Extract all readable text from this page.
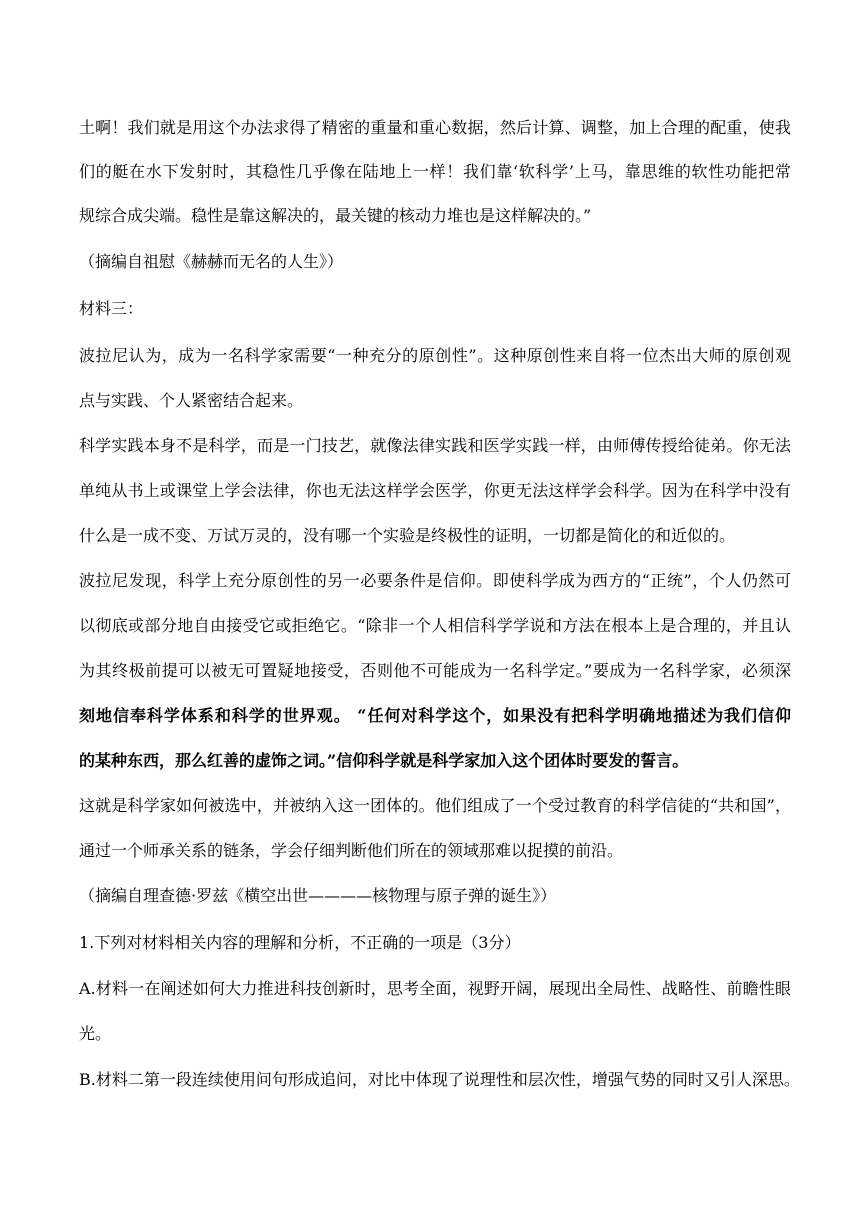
土啊！我们就是用这个办法求得了精密的重量和重心数据，然后计算、调整，加上合理的配重，使我
们的艇在水下发射时，其稳性几乎像在陆地上一样！我们靠‘软科学’上马，靠思维的软性功能把常
规综合成尖端。稳性是靠这解决的，最关键的核动力堆也是这样解决的。”
（摘编自祖慰《赫赫而无名的人生》）
材料三：
波拉尼认为，成为一名科学家需要“一种充分的原创性”。这种原创性来自将一位杰出大师的原创观
点与实践、个人紧密结合起来。
科学实践本身不是科学，而是一门技艺，就像法律实践和医学实践一样，由师傅传授给徒弟。你无法
单纯从书上或课堂上学会法律，你也无法这样学会医学，你更无法这样学会科学。因为在科学中没有
什么是一成不变、万试万灵的，没有哪一个实验是终极性的证明，一切都是简化的和近似的。
波拉尼发现，科学上充分原创性的另一必要条件是信仰。即使科学成为西方的“正统”，个人仍然可
以彻底或部分地自由接受它或拒绝它。“除非一个人相信科学学说和方法在根本上是合理的，并且认
为其终极前提可以被无可置疑地接受，否则他不可能成为一名科学定。”要成为一名科学家，必须深
刻地信奉科学体系和科学的世界观。 “任何对科学这个，如果没有把科学明确地描述为我们信仰
的某种东西，那么红善的虚饰之词。”信仰科学就是科学家加入这个团体时要发的誓言。
这就是科学家如何被选中，并被纳入这一团体的。他们组成了一个受过教育的科学信徒的“共和国”，
通过一个师承关系的链条，学会仔细判断他们所在的领域那难以捉摸的前沿。
（摘编自理查德·罗兹《横空出世————核物理与原子弹的诞生》）
1.下列对材料相关内容的理解和分析，不正确的一项是（3分）
A.材料一在阐述如何大力推进科技创新时，思考全面，视野开阔，展现出全局性、战略性、前瞻性眼
光。
B.材料二第一段连续使用问句形成追问，对比中体现了说理性和层次性，增强气势的同时又引人深思。
